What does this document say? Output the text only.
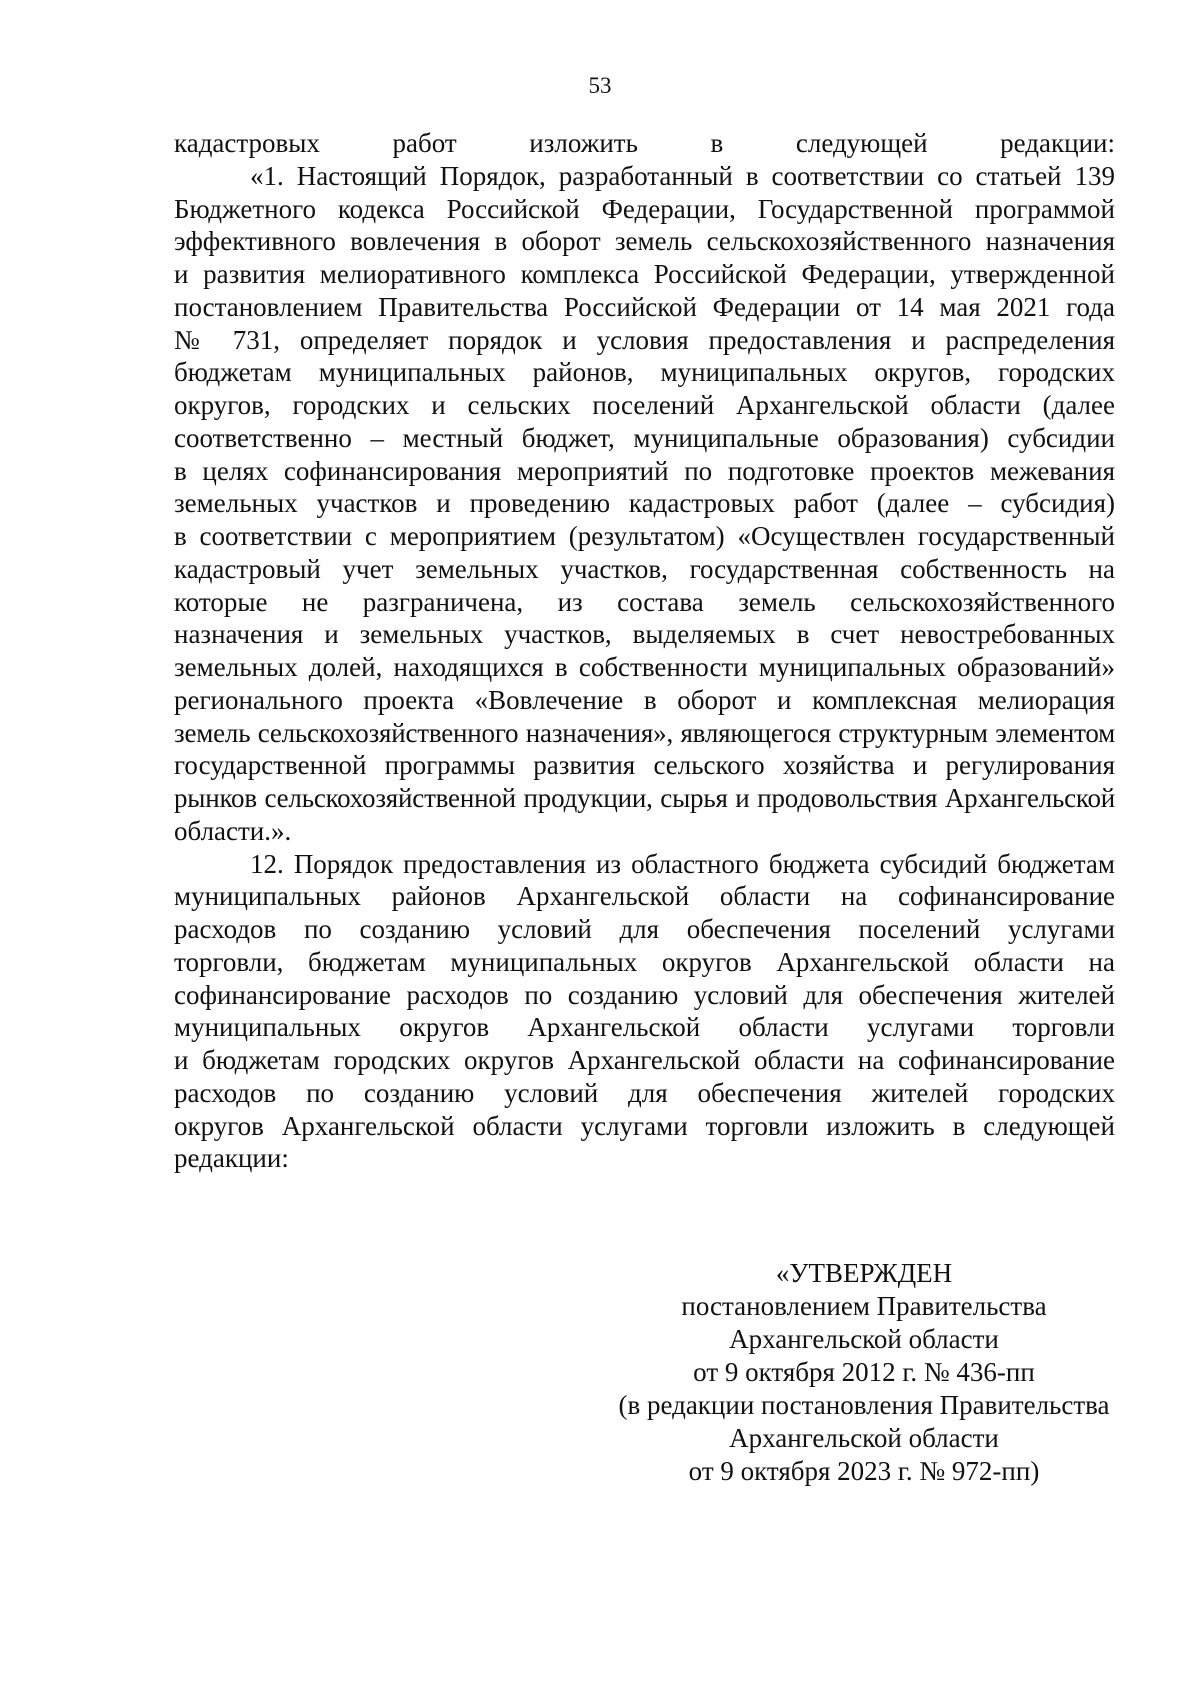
53
кадастровых работ изложить в следующей редакции:
«1. Настоящий Порядок, разработанный в соответствии со статьей 139
Бюджетного кодекса Российской Федерации, Государственной программой
эффективного вовлечения в оборот земель сельскохозяйственного назначения
и развития мелиоративного комплекса Российской Федерации, утвержденной
постановлением Правительства Российской Федерации от 14 мая 2021 года
№ 731, определяет порядок и условия предоставления и распределения
бюджетам муниципальных районов, муниципальных округов, городских
округов, городских и сельских поселений Архангельской области (далее
соответственно – местный бюджет, муниципальные образования) субсидии
в целях софинансирования мероприятий по подготовке проектов межевания
земельных участков и проведению кадастровых работ (далее – субсидия)
в соответствии с мероприятием (результатом) «Осуществлен государственный
кадастровый учет земельных участков, государственная собственность на
которые не разграничена, из состава земель сельскохозяйственного
назначения и земельных участков, выделяемых в счет невостребованных
земельных долей, находящихся в собственности муниципальных образований»
регионального проекта «Вовлечение в оборот и комплексная мелиорация
земель сельскохозяйственного назначения», являющегося структурным элементом
государственной программы развития сельского хозяйства и регулирования
рынков сельскохозяйственной продукции, сырья и продовольствия Архангельской
области.».
12. Порядок предоставления из областного бюджета субсидий бюджетам
муниципальных районов Архангельской области на софинансирование
расходов по созданию условий для обеспечения поселений услугами
торговли, бюджетам муниципальных округов Архангельской области на
софинансирование расходов по созданию условий для обеспечения жителей
муниципальных округов Архангельской области услугами торговли
и бюджетам городских округов Архангельской области на софинансирование
расходов по созданию условий для обеспечения жителей городских
округов Архангельской области услугами торговли изложить в следующей
редакции:
«УТВЕРЖДЕН
постановлением Правительства
Архангельской области
от 9 октября 2012 г. № 436-пп
(в редакции постановления Правительства
Архангельской области
от 9 октября 2023 г. № 972-пп)
